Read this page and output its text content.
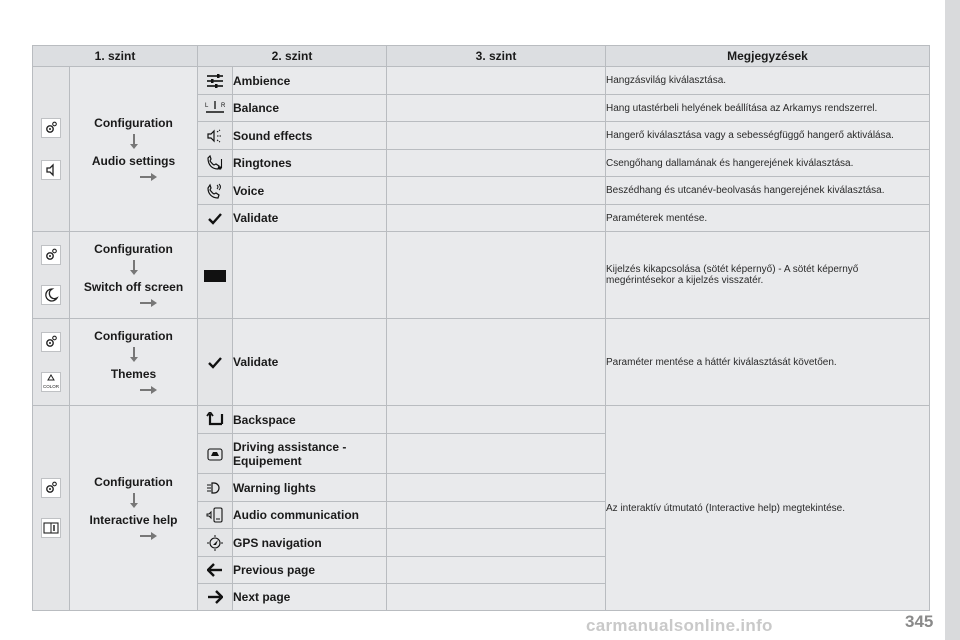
1. szint		2. szint		3. szint	Megjegyzések

Configuration
Audio settings		Ambience		Hangzásvilág kiválasztása.

L R	Balance		Hang utastérbeli helyének beállítása az Arkamys rendszerrel.
	Sound effects		Hangerő kiválasztása vagy a sebességfüggő hangerő aktiválása.
	Ringtones		Csengőhang dallamának és hangerejének kiválasztása.
	Voice		Beszédhang és utcanév-beolvasás hangerejének kiválasztása.
	Validate		Paraméterek mentése.

Configuration
Switch off screen				Kijelzés kikapcsolása (sötét képernyő) - A sötét képernyő megérintésekor a kijelzés visszatér.

COLOR	Configuration
Themes		Validate		Paraméter mentése a háttér kiválasztását követően.

Configuration
Interactive help		Backspace		Az interaktív útmutató (Interactive help) megtekintése.
	Driving assistance - Equipement		
	Warning lights		
	Audio communication		
	GPS navigation		
	Previous page		
	Next page		
carmanualsonline.info	345
